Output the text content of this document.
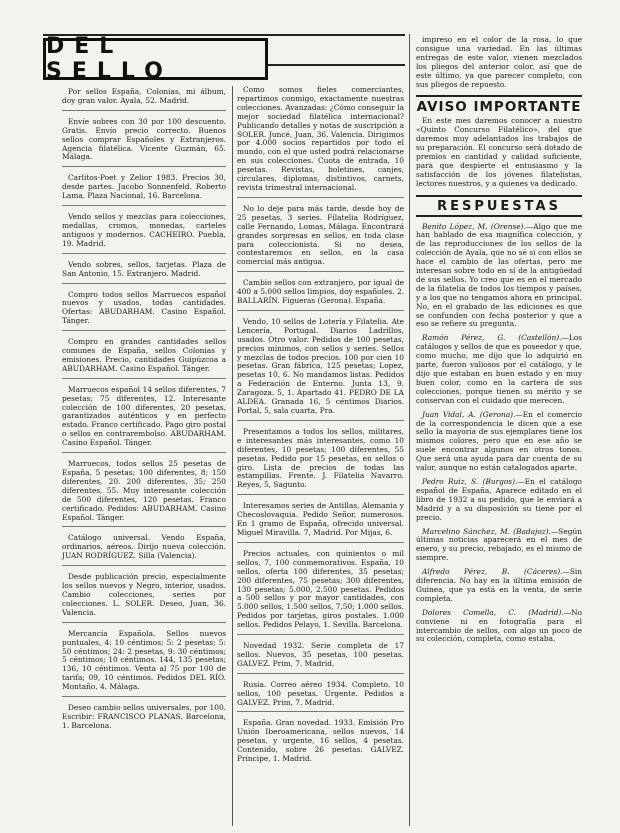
DEL SELLO

Por sellos España, Colonias, mi álbum, doy gran valor. Ayala, 52. Madrid.

Envíe sobres con 30 por 100 descuento. Gratis. Envío precio correcto. Buenos sellos comprar Españoles y Extranjeros. Agencia filatélica. Vicente Guzmán, 65. Málaga.

Carlitos-Poet y Zelior 1983. Precios 30, desde partes. Jacobo Sonnenfeld. Roberto Lama. Plaza Nacional, 16. Barcelona.

Vendo sellos y mezclas para colecciones, medallas, cromos, monedas, carteles antiguos y modernos. CACHEIRO. Puebla, 19. Madrid.

Vendo sobres, sellos, tarjetas. Plaza de San Antonio, 15. Extranjero. Madrid.

Compro todos sellos Marruecos español nuevos y usados, todas cantidades. Ofertas: ABUDARHAM. Casino Español. Tánger.

Compro en grandes cantidades sellos comunes de España, sellos Colonias y emisiones. Precio, cantidades Guipúzcoa a ABUDARHAM. Casino Español. Tánger.

Marruecos español 14 sellos diferentes, 7 pesetas; 75 diferentes, 12. Interesante colección de 100 diferentes, 20 pesetas, garantizados auténticos y en perfecto estado. Franco certificado. Pago giro postal o sellos en contrarembolso. ABUDARHAM. Casino Español. Tánger.

Marruecos, todos sellos 25 pesetas de España, 5 pesetas; 100 diferentes, 8; 150 diferentes, 20. 200 diferentes, 35; 250 diferentes, 55. Muy interesante colección de 500 diferentes, 120 pesetas. Franco certificado. Pedidos: ABUDARHAM. Casino Español. Tánger.

Catálogo universal. Vendo España, ordinarios, aéreos. Dirijo nueva colección. JUAN RODRÍGUEZ. Silla (Valencia).

Desde publicación precio, especialmente los sellos nuevos y Negro, interior, usados. Cambio colecciones, series por colecciones. L. SOLER. Deseo, Juan, 36. Valencia.

Mercancía Española. Sellos nuevos puntuales, 4: 10 céntimos; 5: 2 pesetas; 5: 50 céntimos; 24: 2 pesetas, 9: 30 céntimos; 5 céntimos; 10 céntimos. 144, 135 pesetas; 136, 10 céntimos. Venta al 75 por 100 de tarifa; 09, 10 céntimos. Pedidos DEL RÍO. Montaño, 4. Málaga.

Deseo cambio sellos universales, por 100. Escribir: FRANCISCO PLANAS. Barcelona, 1. Barcelona.

Como somos fieles comerciantes, repartimos conmigo, exactamente nuestras colecciones. Avanzadas: ¿Cómo conseguir la mejor sociedad filatélica internacional? Publicando detalles y notas de suscripción a SOLER. Juncé, Juan, 36. Valencia. Dirigimos por 4.000 socios repartidos por todo el mundo, con el que usted podrá relacionarse en sus colecciones. Cuota de entrada, 10 pesetas. Revistas, boletines, canjes, circulares, diplomas, distintivos, carnets, revista trimestral internacional.

No lo deje para más tarde, desde hoy de 25 pesetas, 3 series. Filatelia Rodríguez, calle Fernando, Lomas, Málaga. Encontrará grandes sorpresas en sellos, en toda clase para coleccionista. Si no desea, contestaremos en sellos, en la casa comercial más antigua.

Cambio sellos con extranjero, por igual de 400 a 5.000 sellos limpios, doy españoles. 2. BALLARÍN. Figueras (Gerona). España.

Vendo, 10 sellos de Lotería y Filatelia. Ate Lencería, Portugal. Diarios Ladrillos, usados. Otro valor. Pedidos de 100 pesetas, precios mínimos, con sellos y series. Sellos y mezclas de todos precios. 100 por cien 10 pesetas. Gran fábrica, 125 pesetas; Lopez, pesetas 10, 6. No mandamos listas. Pedidos a Federación de Enterno. Junta 13, 9. Zaragoza. 5, 1. Apartado 41. PEDRO DE LA ALDEA. Granada 16, 5 céntimos Diarios. Portal, 5, sala cuarta, Pra.

Presentamos a todos los sellos, militares, e interesantes más interesantes, como 10 diferentes, 10 pesetas; 100 diferentes, 55 pesetas. Pedido por 15 pesetas, en sellos o giro. Lista de precios de todas las estampillas. Frente. J. Filatelia Navarro. Reyes, 5, Sagunto.

Interesamos series de Antillas, Alemania y Checoslovaquia. Pedido Señor, numerosos. En 1 gramo de España, ofrecido universal. Miguel Miravilla. 7, Madrid. Por Mijas, 6.

Precios actuales, con quinientos o mil sellos, 7, 100 conmemorativos. España, 10 sellos, oferta 100 diferentes, 35 pesetas; 200 diferentes, 75 pesetas; 300 diferentes, 130 pesetas; 5.000, 2.500 pesetas. Pedidos a 500 sellos y por mayor cantidades, con 5.000 sellos, 1.500 sellos, 7,50; 1.000 sellos. Pedidos por tarjetas, giros postales. 1.000 sellos. Pedidos Pelayo, 1. Sevilla. Barcelona.

Novedad 1932. Serie completa de 17 sellos. Nuevos, 35 pesetas, 100 pesetas. GALVEZ. Prim, 7. Madrid.

Rusia. Correo aéreo 1934. Completo. 10 sellos, 100 pesetas. Urgente. Pedidos a GALVEZ. Prim, 7. Madrid.

España. Gran novedad. 1933. Emisión Pro Unión Iberoamericana, sellos nuevos, 14 pesetas, y urgente, 16 sellos, 4 pesetas. Contenido, sobre 26 pesetas. GALVEZ. Príncipe, 1. Madrid.

impreso en el color de la rosa, lo que consigue una variedad. En las últimas entregas de este valor, vienen mezclados los pliegos del anterior color, así que de este último, ya que parecer completo, con sus pliegos de repuesto.

AVISO IMPORTANTE
En este mes daremos conocer a nuestro «Quinto Concurso Filatélico», del que daremos muy adelantados los trabajos de su preparación. El concurso será dotado de premios en cantidad y calidad suficiente, para que despierte el entusiasmo y la satisfacción de los jóvenes filatelistas, lectores nuestros, y a quienes va dedicado.
RESPUESTAS

Benito López, M. (Orense).—Algo que me han hablado de esa magnífica colección, y de las reproducciones de los sellos de la colección de Ayala, que no sé si con ellos se hace el cambio de las ofertas, pero me interesan sobre todo en sí de la antigüedad de sus sellos. Yo creo que es en el mercado de la filatelia de todos los tiempos y países, y a los que no tengamos ahora en principal. No, en el grabado de las ediciones es que se confunden con fecha posterior y que a eso se refiere su pregunta.

Ramón Pérez, G. (Castellón).—Los catálogos y sellos de que es poseedor y que, como mucho, me dijo que lo adquirió en parte, fueron valiosos por el catálogo, y le dijo que estaban en buen estado y en muy buen color, como en la cartera de sus colecciones, porque tienen su mérito y se conservan con el cuidado que merecen.

Juan Vidal, A. (Gerona).—En el comercio de la correspondencia le dicen que a ese sello la mayoría de sus ejemplares tiene los mismos colores, pero que en ese año se suele encontrar algunos en otros tonos. Que será una ayuda para dar cuenta de su valor, aunque no están catalogados aparte.

Pedro Ruiz, S. (Burgos).—En el catálogo español de España, Aparece editado en el libro de 1932 a su pedido, que le enviará a Madrid y a su disposición su tiene por el precio.

Marcelino Sánchez, M. (Badajoz).—Según últimas noticias aparecerá en el mes de enero, y su precio, rebajado, es el mismo de siempre.

Alfredo Pérez, B. (Cáceres).—Sin diferencia. No hay en la última emisión de Guinea, que ya está en la venta, de serie completa.

Dolores Comella, C. (Madrid).—No conviene ni en fotografía para el intercambio de sellos, con algo un poco de su colección, completa, como estaba.
